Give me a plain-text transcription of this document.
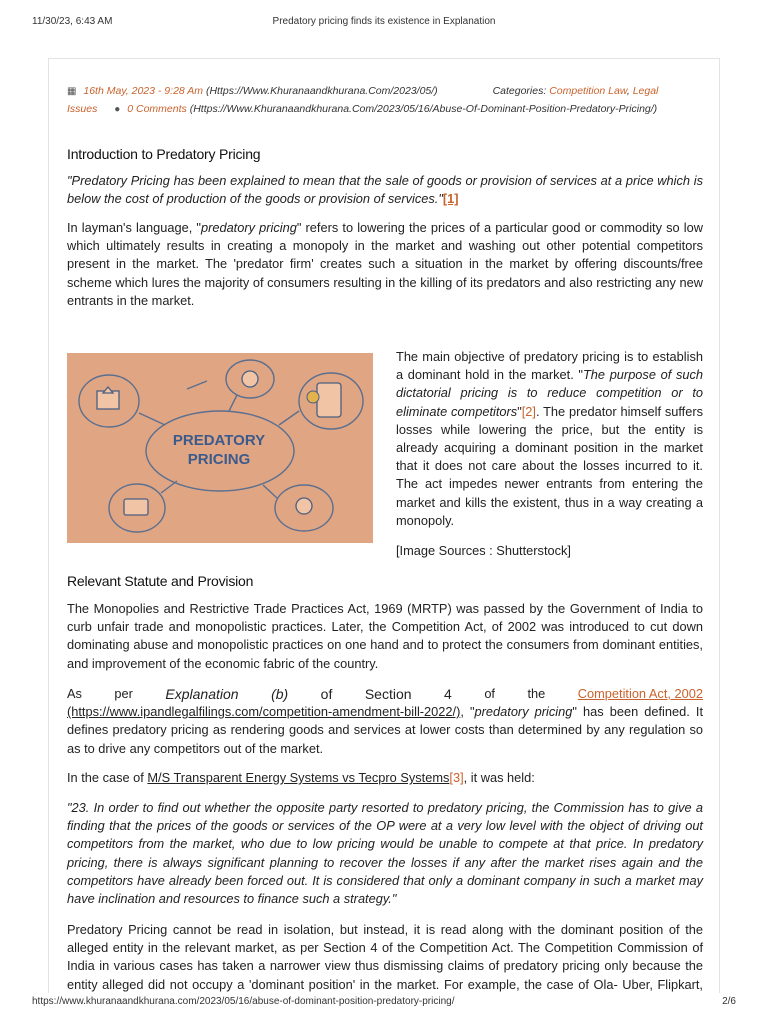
11/30/23, 6:43 AM	Predatory pricing finds its existence in Explanation
▦ 16th May, 2023 - 9:28 Am (Https://Www.Khuranaandkhurana.Com/2023/05/)	Categories: Competition Law, Legal
Issues ● 0 Comments (Https://Www.Khuranaandkhurana.Com/2023/05/16/Abuse-Of-Dominant-Position-Predatory-Pricing/)
Introduction to Predatory Pricing

"Predatory Pricing has been explained to mean that the sale of goods or provision of services at a price which is below the cost of production of the goods or provision of services."[1]

In layman's language, "predatory pricing" refers to lowering the prices of a particular good or commodity so low which ultimately results in creating a monopoly in the market and washing out other potential competitors present in the market. The 'predator firm' creates such a situation in the market by offering discounts/free scheme which lures the majority of consumers resulting in the killing of its predators and also restricting any new entrants in the market.

PREDATORY
PRICING

The main objective of predatory pricing is to establish a dominant hold in the market. "The purpose of such dictatorial pricing is to reduce competition or to eliminate competitors"[2]. The predator himself suffers losses while lowering the price, but the entity is already acquiring a dominant position in the market that it does not care about the losses incurred to it. The act impedes newer entrants from entering the market and kills the existent, thus in a way creating a monopoly.

[Image Sources : Shutterstock]

Relevant Statute and Provision

The Monopolies and Restrictive Trade Practices Act, 1969 (MRTP) was passed by the Government of India to curb unfair trade and monopolistic practices. Later, the Competition Act, of 2002 was introduced to cut down dominating abuse and monopolistic practices on one hand and to protect the consumers from dominant entities, and improvement of the economic fabric of the country.

As	per Explanation (b) of Section 4	of	the	Competition Act, 2002
(https://www.ipandlegalfilings.com/competition-amendment-bill-2022/), "predatory pricing" has been defined. It defines predatory pricing as rendering goods and services at lower costs than determined by any regulation so as to drive any competitors out of the market.

In the case of M/S Transparent Energy Systems vs Tecpro Systems[3], it was held:

"23. In order to find out whether the opposite party resorted to predatory pricing, the Commission has to give a finding that the prices of the goods or services of the OP were at a very low level with the object of driving out competitors from the market, who due to low pricing would be unable to compete at that price. In predatory pricing, there is always significant planning to recover the losses if any after the market rises again and the competitors have already been forced out. It is considered that only a dominant company in such a market may have inclination and resources to finance such a strategy."

Predatory Pricing cannot be read in isolation, but instead, it is read along with the dominant position of the alleged entity in the relevant market, as per Section 4 of the Competition Act. The Competition Commission of India in various cases has taken a narrower view thus dismissing claims of predatory pricing only because the entity alleged did not occupy a 'dominant position' in the market. For example, the case of Ola- Uber, Flipkart,

https://www.khuranaandkhurana.com/2023/05/16/abuse-of-dominant-position-predatory-pricing/	2/6
